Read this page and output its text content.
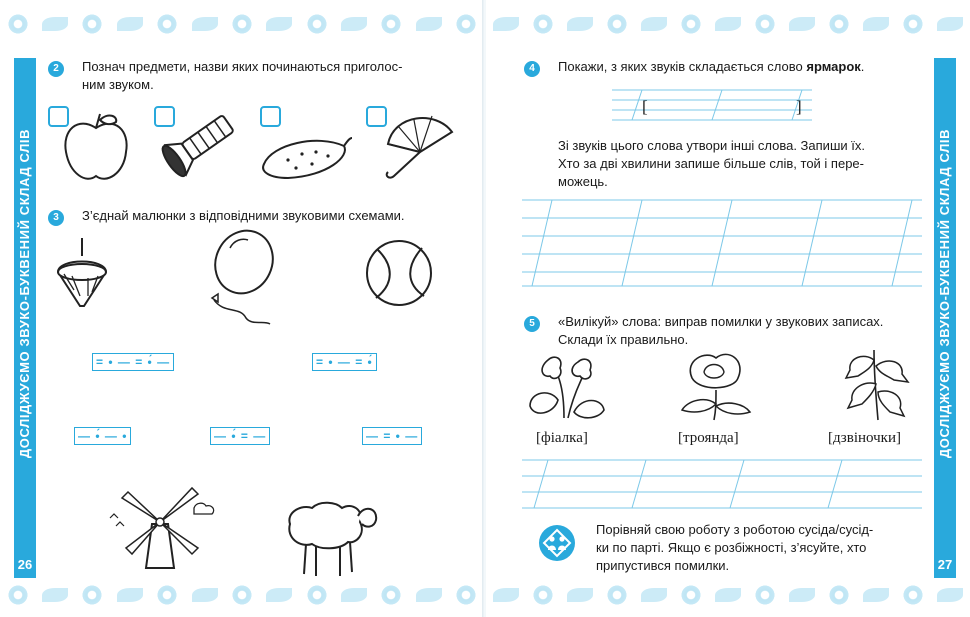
ДОСЛІДЖУЄМО ЗВУКО-БУКВЕНИЙ СКЛАД СЛІВ
26
2	Познач предмети, назви яких починаються приголос-
ним звуком.
3	З’єднай малюнки з відповідними звуковими схемами.
= • — = •́ —	= • — = •́
— •́ — •	— •́ = —	— = • —	ДОСЛІДЖУЄМО ЗВУКО-БУКВЕНИЙ СКЛАД СЛІВ
27
4	Покажи, з яких звуків складається слово ярмарок.
[	]
Зі звуків цього слова утвори інші слова. Запиши їх.
Хто за дві хвилини запише більше слів, той і пере-
можець.
5	«Вилікуй» слова: виправ помилки у звукових записах.
Склади їх правильно.
[фіалка]	[троянда]	[дзвіночки]
Порівняй свою роботу з роботою сусіда/сусід-
ки по парті. Якщо є розбіжності, з’ясуйте, хто
припустився помилки.
